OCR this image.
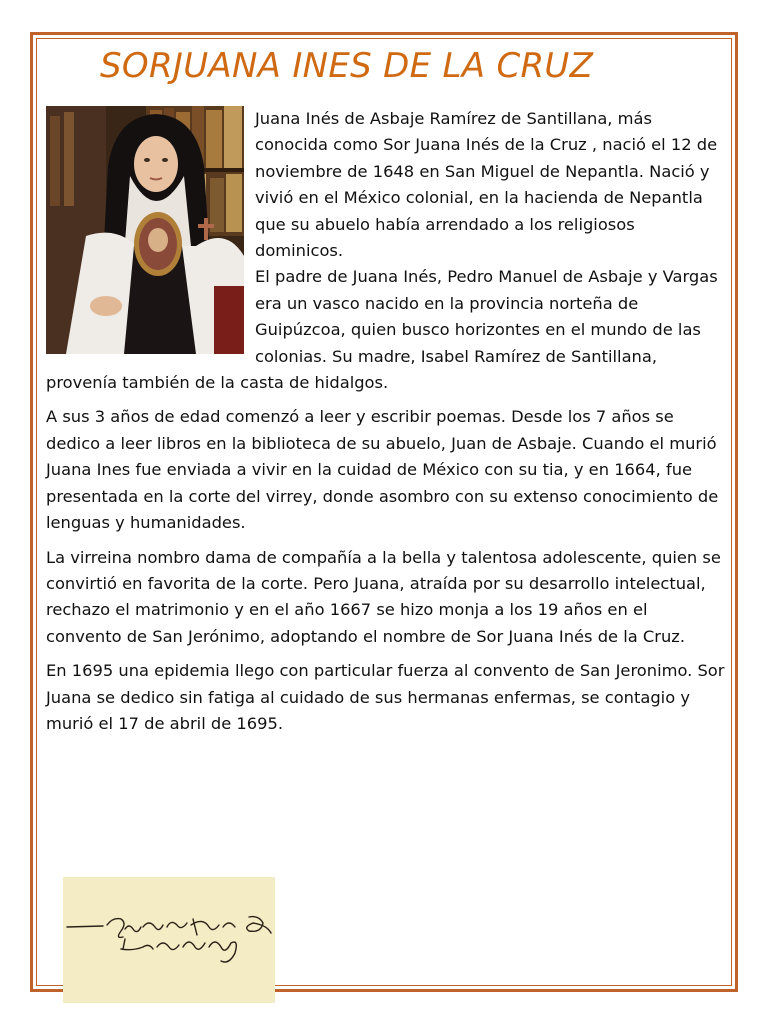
SORJUANA INES DE LA CRUZ

Juana Inés de Asbaje Ramírez de Santillana, más conocida como Sor Juana Inés de la Cruz , nació el 12 de noviembre de 1648 en San Miguel de Nepantla. Nació y vivió en el México colonial, en la hacienda de Nepantla que su abuelo había arrendado a los religiosos dominicos.

El padre de Juana Inés, Pedro Manuel de Asbaje y Vargas era un vasco nacido en la provincia norteña de Guipúzcoa, quien busco horizontes en el mundo de las colonias. Su madre, Isabel Ramírez de Santillana, provenía también de la casta de hidalgos.

A sus 3 años de edad comenzó a leer y escribir poemas. Desde los 7 años se dedico a leer libros en la biblioteca de su abuelo, Juan de Asbaje. Cuando el murió Juana Ines fue enviada a vivir en la cuidad de México con su tia, y en 1664, fue presentada en la corte del virrey, donde asombro con su extenso conocimiento de lenguas y humanidades.

La virreina nombro dama de compañía a la bella y talentosa adolescente, quien se convirtió en favorita de la corte. Pero Juana, atraída por su desarrollo intelectual, rechazo el matrimonio y en el año 1667 se hizo monja a los 19 años en el convento de San Jerónimo, adoptando el nombre de Sor Juana Inés de la Cruz.

En 1695 una epidemia llego con particular fuerza al convento de San Jeronimo. Sor Juana se dedico sin fatiga al cuidado de sus hermanas enfermas, se contagio y murió el 17 de abril de 1695.
